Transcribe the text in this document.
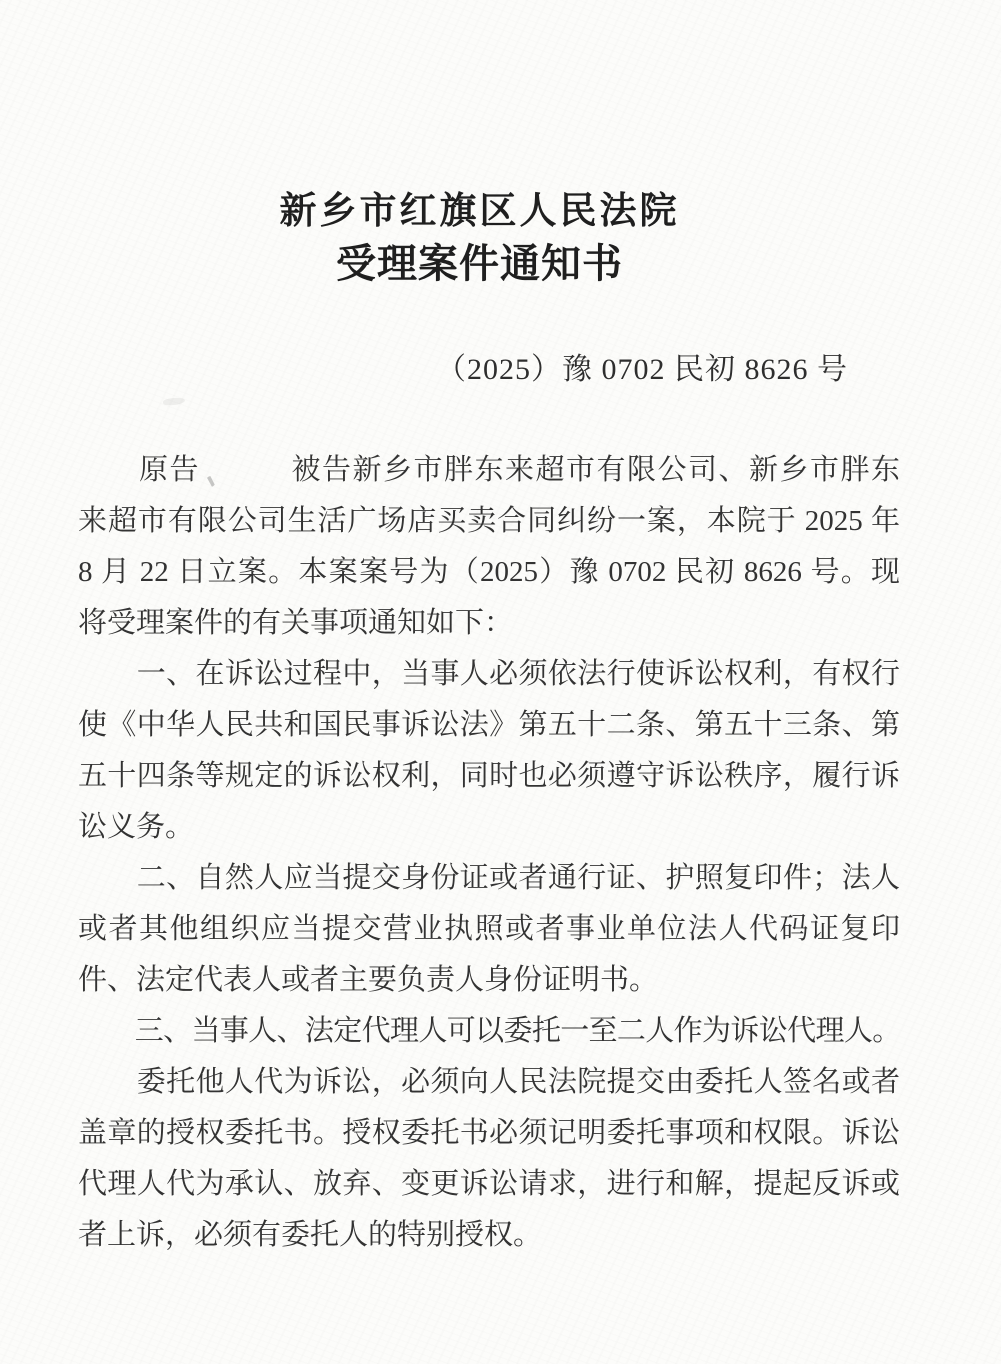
新乡市红旗区人民法院
受理案件通知书
（2025）豫 0702 民初 8626 号
　　原告　　　被告新乡市胖东来超市有限公司、新乡市胖东
来超市有限公司生活广场店买卖合同纠纷一案，本院于 2025 年
8 月 22 日立案。本案案号为（2025）豫 0702 民初 8626 号。现
将受理案件的有关事项通知如下：
　　一、在诉讼过程中，当事人必须依法行使诉讼权利，有权行
使《中华人民共和国民事诉讼法》第五十二条、第五十三条、第
五十四条等规定的诉讼权利，同时也必须遵守诉讼秩序，履行诉
讼义务。
　　二、自然人应当提交身份证或者通行证、护照复印件；法人
或者其他组织应当提交营业执照或者事业单位法人代码证复印
件、法定代表人或者主要负责人身份证明书。
　　三、当事人、法定代理人可以委托一至二人作为诉讼代理人。
　　委托他人代为诉讼，必须向人民法院提交由委托人签名或者
盖章的授权委托书。授权委托书必须记明委托事项和权限。诉讼
代理人代为承认、放弃、变更诉讼请求，进行和解，提起反诉或
者上诉，必须有委托人的特别授权。
